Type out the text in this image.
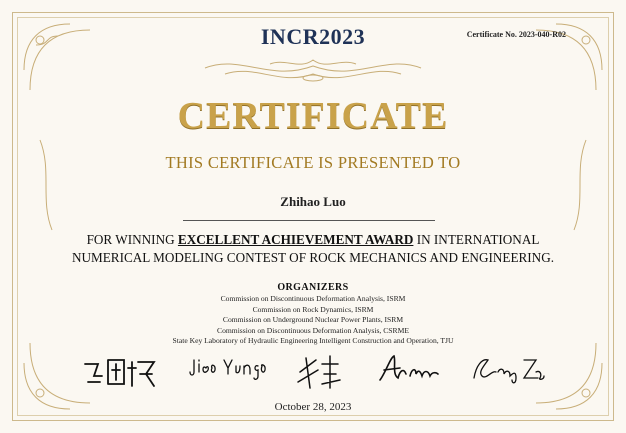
INCR2023	Certificate No. 2023-040-R02
CERTIFICATE
THIS CERTIFICATE IS PRESENTED TO
Zhihao Luo
FOR WINNING EXCELLENT ACHIEVEMENT AWARD IN INTERNATIONAL
NUMERICAL MODELING CONTEST OF ROCK MECHANICS AND ENGINEERING.
ORGANIZERS
Commission on Discontinuous Deformation Analysis, ISRM
Commission on Rock Dynamics, ISRM
Commission on Underground Nuclear Power Plants, ISRM
Commission on Discontinuous Deformation Analysis, CSRME
State Key Laboratory of Hydraulic Engineering Intelligent Construction and Operation, TJU
October 28, 2023
